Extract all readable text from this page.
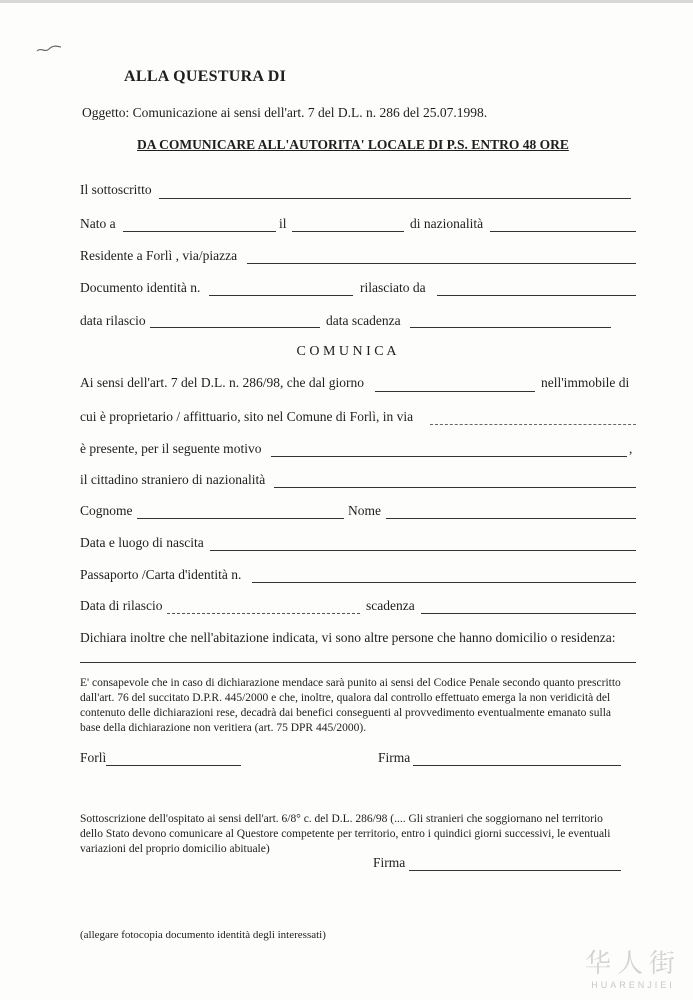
ALLA QUESTURA DI
Oggetto: Comunicazione ai sensi dell'art. 7 del D.L. n. 286 del 25.07.1998.
DA COMUNICARE ALL'AUTORITA' LOCALE DI P.S. ENTRO 48 ORE
Il sottoscritto
Nato a	il	di nazionalità
Residente a Forlì , via/piazza
Documento identità n.	rilasciato da
data rilascio	data scadenza
C O M U N I C A
Ai sensi dell'art. 7 del D.L. n. 286/98, che dal giorno	nell'immobile di
cui è proprietario / affittuario, sito nel Comune di Forlì, in via
è presente, per il seguente motivo	,
il cittadino straniero di nazionalità
Cognome	Nome
Data e luogo di nascita
Passaporto /Carta d'identità n.
Data di rilascio	scadenza
Dichiara inoltre che nell'abitazione indicata, vi sono altre persone che hanno domicilio o residenza:
E' consapevole che in caso di dichiarazione mendace sarà punito ai sensi del Codice Penale secondo quanto prescritto
dall'art. 76 del succitato D.P.R. 445/2000 e che, inoltre, qualora dal controllo effettuato emerga la non veridicità del
contenuto delle dichiarazioni rese, decadrà dai benefici conseguenti al provvedimento eventualmente emanato sulla
base della dichiarazione non veritiera (art. 75 DPR 445/2000).
Forlì	Firma
Sottoscrizione dell'ospitato ai sensi dell'art. 6/8° c. del D.L. 286/98 (.... Gli stranieri che soggiornano nel territorio
dello Stato devono comunicare al Questore competente per territorio, entro i quindici giorni successivi, le eventuali
variazioni del proprio domicilio abituale)
Firma
(allegare fotocopia documento identità degli interessati)
华人街
HUARENJIEI
